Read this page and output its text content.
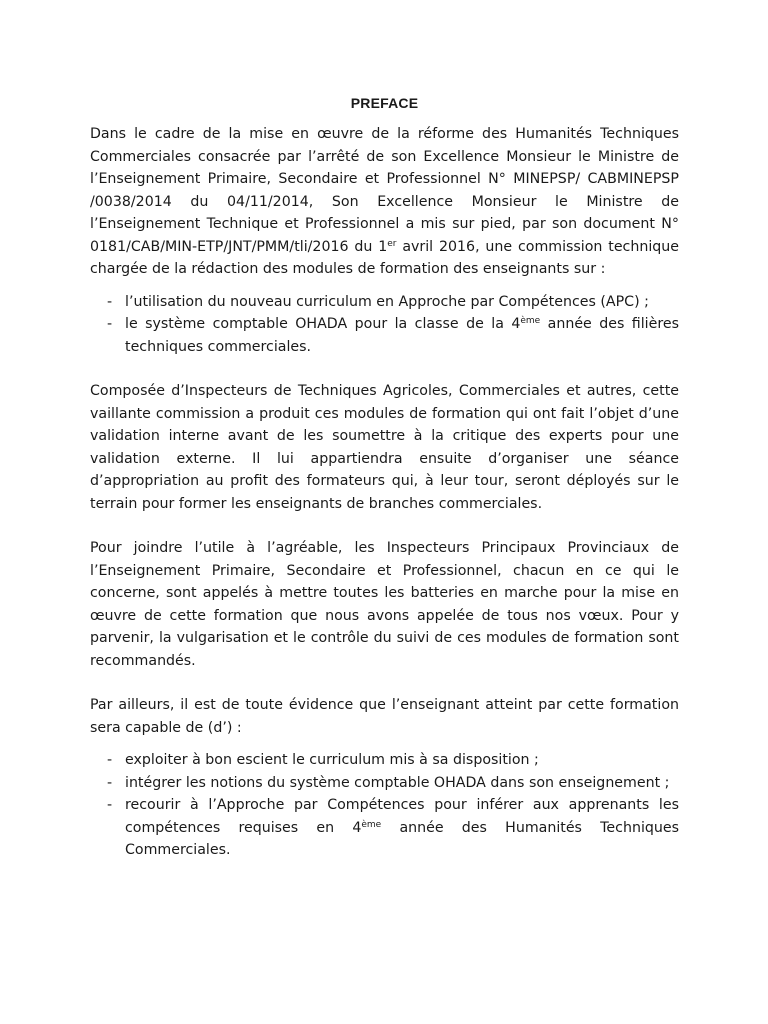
PREFACE

Dans le cadre de la mise en œuvre de la réforme des Humanités Techniques Commerciales consacrée par l’arrêté de son Excellence Monsieur le Ministre de l’Enseignement Primaire, Secondaire et Professionnel N° MINEPSP/ CABMINEPSP /0038/2014 du 04/11/2014, Son Excellence Monsieur le Ministre de l’Enseignement Technique et Professionnel a mis sur pied, par son document N° 0181/CAB/MIN-ETP/JNT/PMM/tli/2016 du 1er avril 2016, une commission technique chargée de la rédaction des modules de formation des enseignants sur :

- l’utilisation du nouveau curriculum en Approche par Compétences (APC) ;
- le système comptable OHADA pour la classe de la 4ème année des filières techniques commerciales.

Composée d’Inspecteurs de Techniques Agricoles, Commerciales et autres, cette vaillante commission a produit ces modules de formation qui ont fait l’objet d’une validation interne avant de les soumettre à la critique des experts pour une validation externe. Il lui appartiendra ensuite d’organiser une séance d’appropriation au profit des formateurs qui, à leur tour, seront déployés sur le terrain pour former les enseignants de branches commerciales.

Pour joindre l’utile à l’agréable, les Inspecteurs Principaux Provinciaux de l’Enseignement Primaire, Secondaire et Professionnel, chacun en ce qui le concerne, sont appelés à mettre toutes les batteries en marche pour la mise en œuvre de cette formation que nous avons appelée de tous nos vœux. Pour y parvenir, la vulgarisation et le contrôle du suivi de ces modules de formation sont recommandés.

Par ailleurs, il est de toute évidence que l’enseignant atteint par cette formation sera capable de (d’) :

- exploiter à bon escient le curriculum mis à sa disposition ;
- intégrer les notions du système comptable OHADA dans son enseignement ;
- recourir à l’Approche par Compétences pour inférer aux apprenants les compétences requises en 4ème année des Humanités Techniques Commerciales.
